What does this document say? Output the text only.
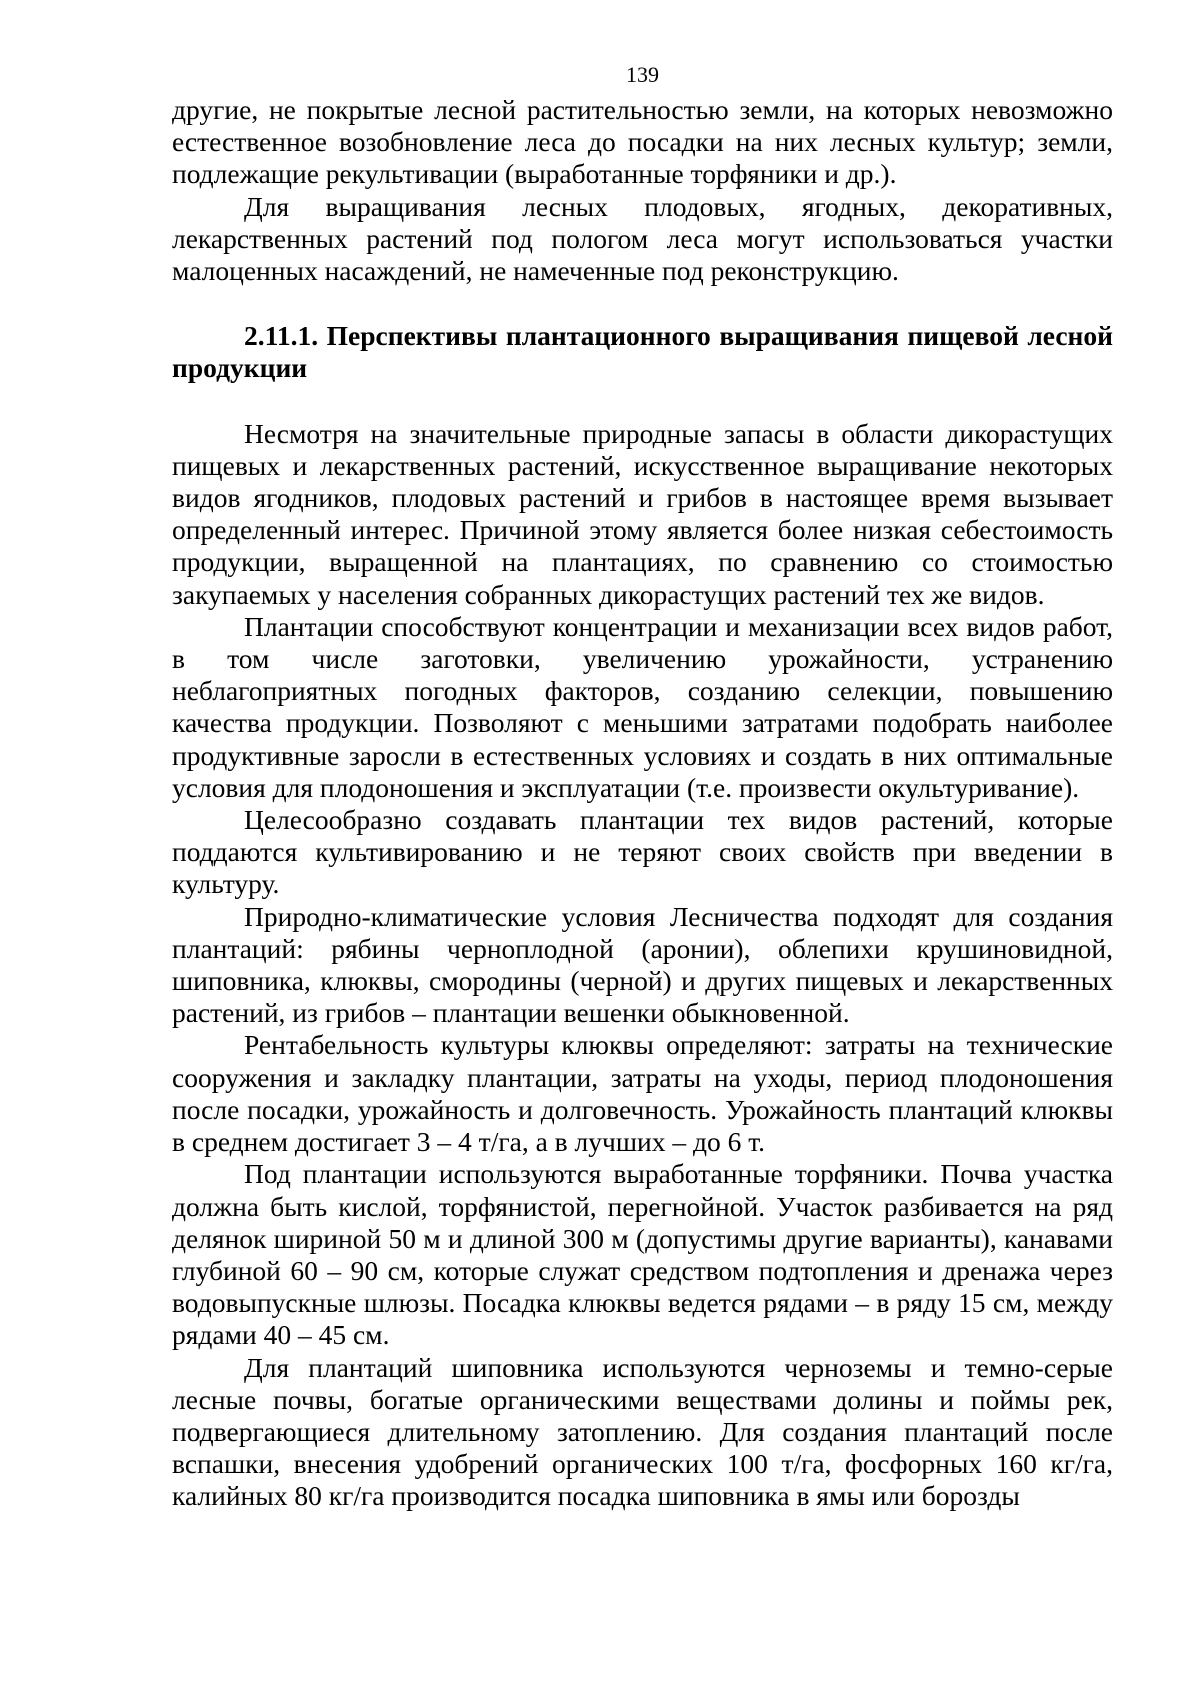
139

другие, не покрытые лесной растительностью земли, на которых невозможно естественное возобновление леса до посадки на них лесных культур; земли, подлежащие рекультивации (выработанные торфяники и др.).

Для выращивания лесных плодовых, ягодных, декоративных, лекарственных растений под пологом леса могут использоваться участки малоценных насаждений, не намеченные под реконструкцию.

2.11.1. Перспективы плантационного выращивания пищевой лесной продукции

Несмотря на значительные природные запасы в области дикорастущих пищевых и лекарственных растений, искусственное выращивание некоторых видов ягодников, плодовых растений и грибов в настоящее время вызывает определенный интерес. Причиной этому является более низкая себестоимость продукции, выращенной на плантациях, по сравнению со стоимостью закупаемых у населения собранных дикорастущих растений тех же видов.

Плантации способствуют концентрации и механизации всех видов работ, в том числе заготовки, увеличению урожайности, устранению неблагоприятных погодных факторов, созданию селекции, повышению качества продукции. Позволяют с меньшими затратами подобрать наиболее продуктивные заросли в естественных условиях и создать в них оптимальные условия для плодоношения и эксплуатации (т.е. произвести окультуривание).

Целесообразно создавать плантации тех видов растений, которые поддаются культивированию и не теряют своих свойств при введении в культуру.

Природно-климатические условия Лесничества подходят для создания плантаций: рябины черноплодной (аронии), облепихи крушиновидной, шиповника, клюквы, смородины (черной) и других пищевых и лекарственных растений, из грибов – плантации вешенки обыкновенной.

Рентабельность культуры клюквы определяют: затраты на технические сооружения и закладку плантации, затраты на уходы, период плодоношения после посадки, урожайность и долговечность. Урожайность плантаций клюквы в среднем достигает 3 – 4 т/га, а в лучших – до 6 т.

Под плантации используются выработанные торфяники. Почва участка должна быть кислой, торфянистой, перегнойной. Участок разбивается на ряд делянок шириной 50 м и длиной 300 м (допустимы другие варианты), канавами глубиной 60 – 90 см, которые служат средством подтопления и дренажа через водовыпускные шлюзы. Посадка клюквы ведется рядами – в ряду 15 см, между рядами 40 – 45 см.

Для плантаций шиповника используются черноземы и темно-серые лесные почвы, богатые органическими веществами долины и поймы рек, подвергающиеся длительному затоплению. Для создания плантаций после вспашки, внесения удобрений органических 100 т/га, фосфорных 160 кг/га, калийных 80 кг/га производится посадка шиповника в ямы или борозды
